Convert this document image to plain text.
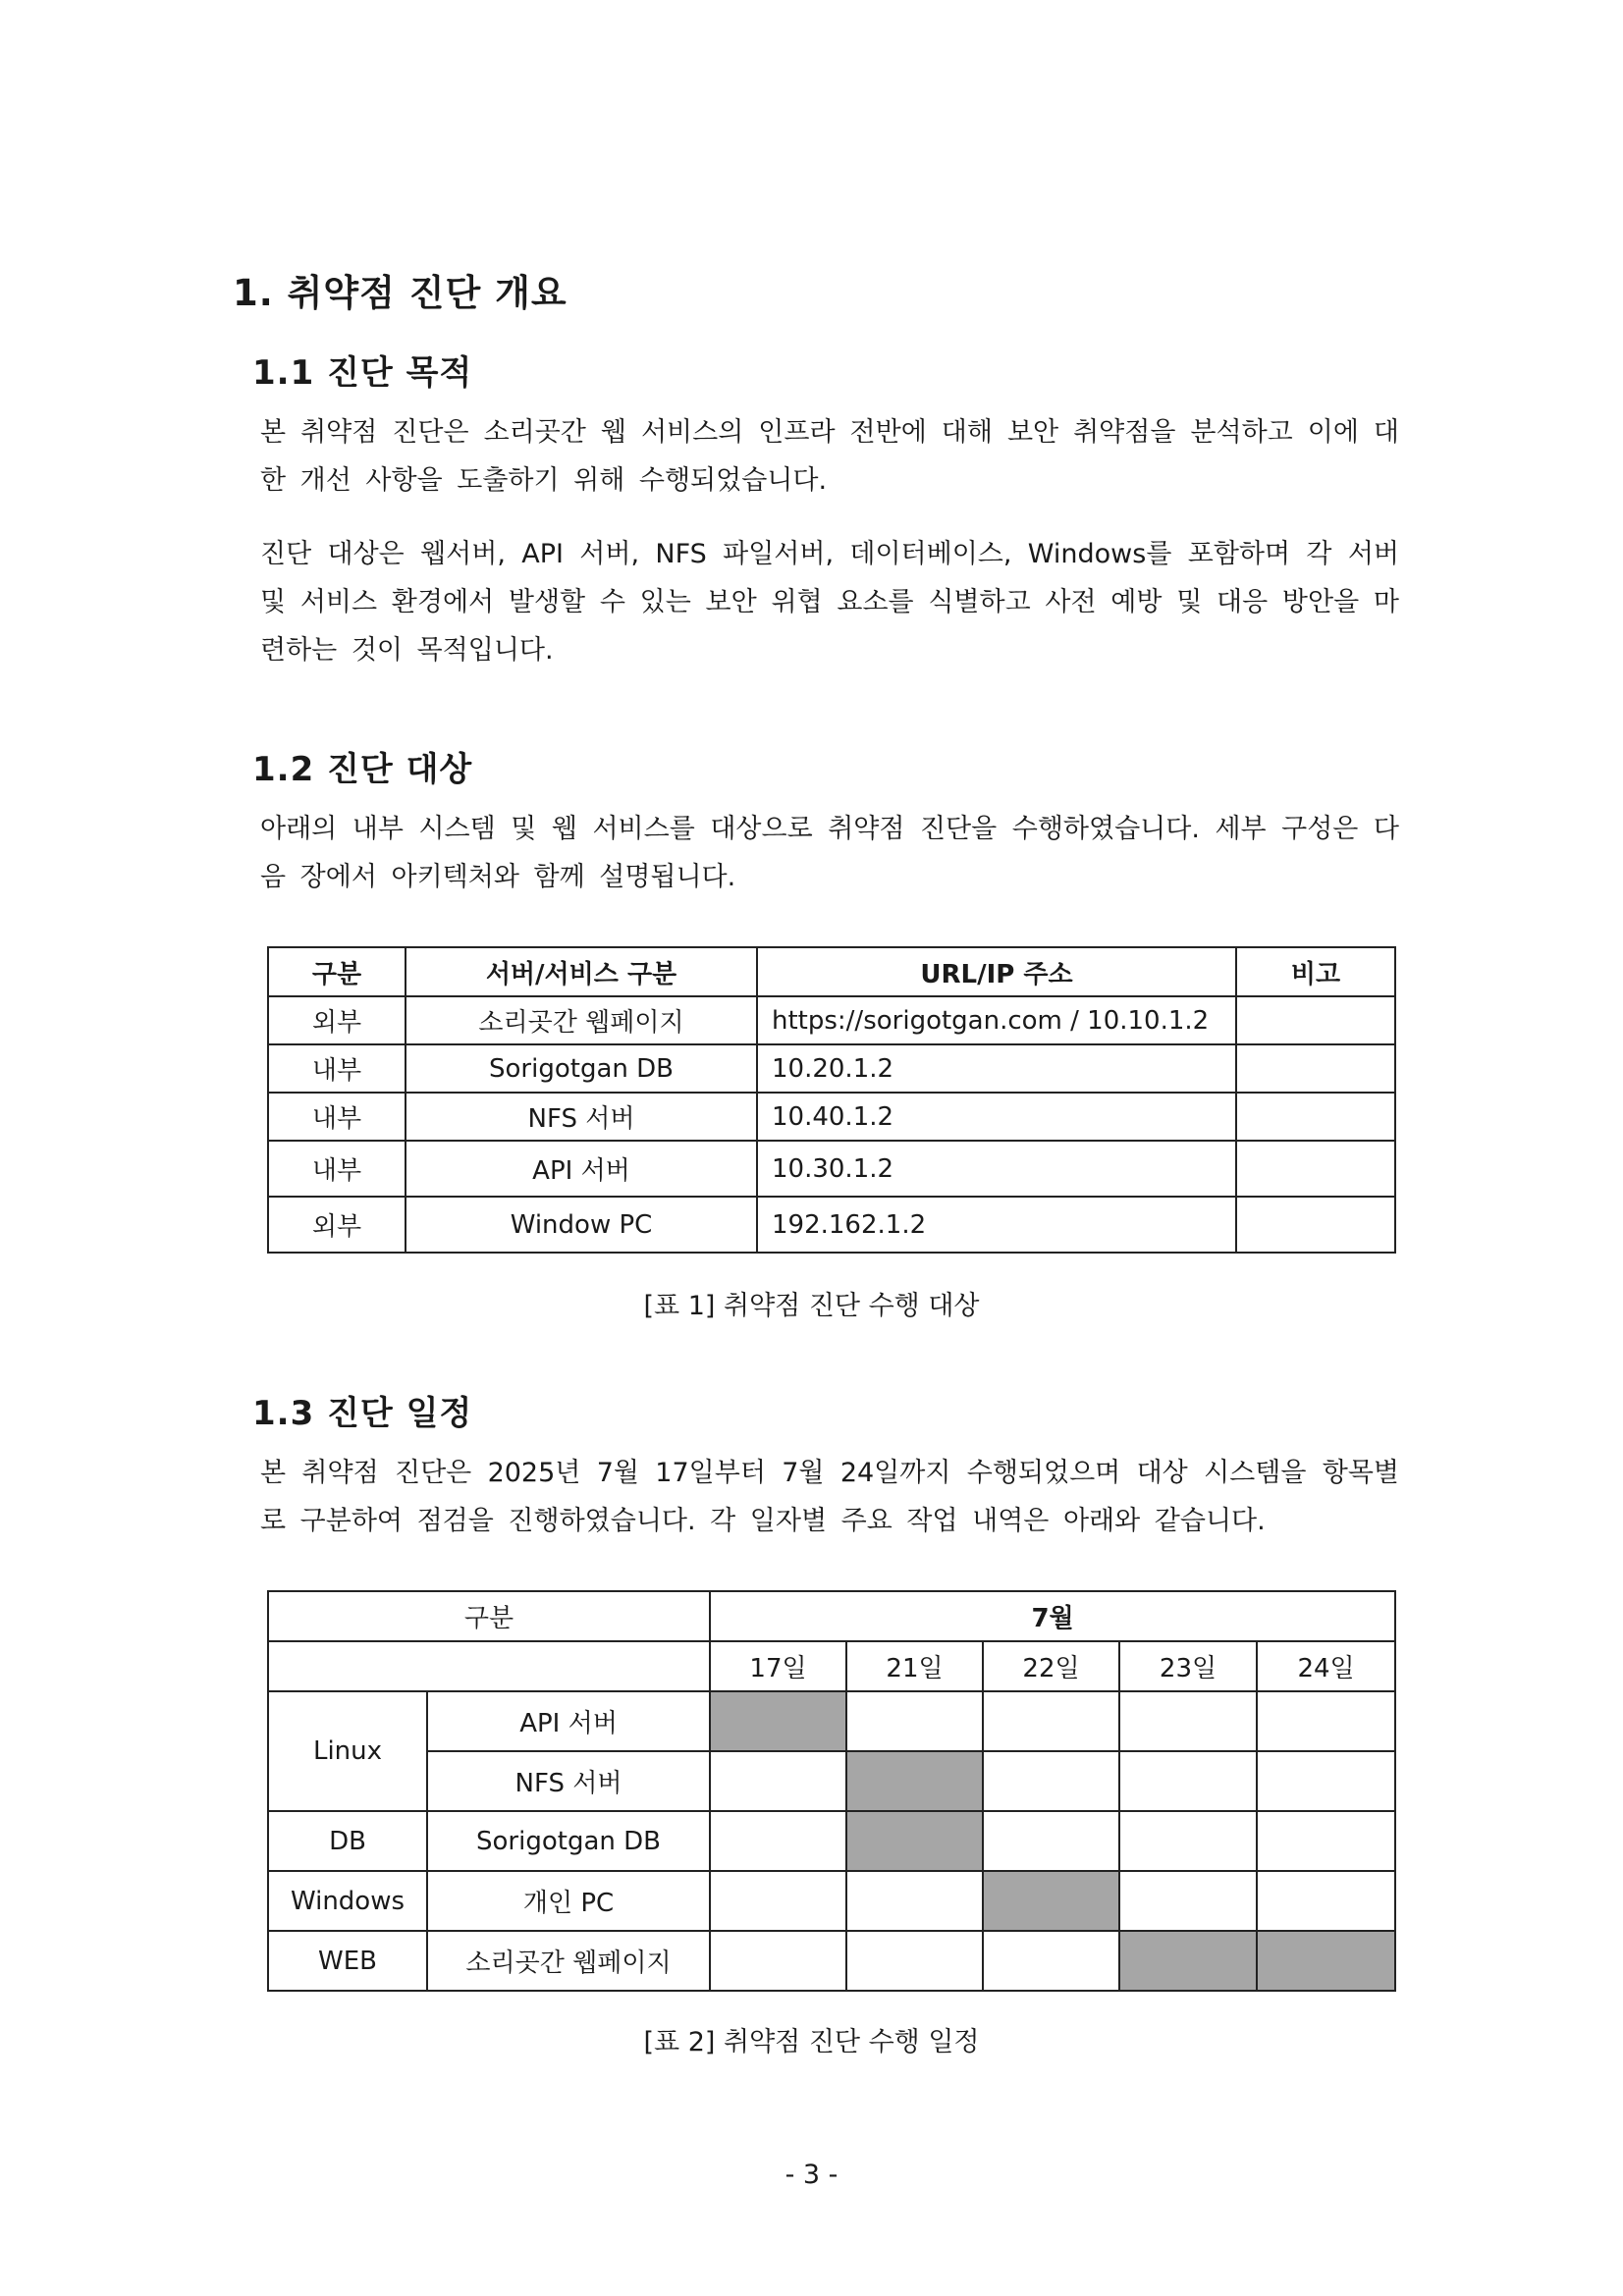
1. 취약점 진단 개요
1.1 진단 목적

본 취약점 진단은 소리곳간 웹 서비스의 인프라 전반에 대해 보안 취약점을 분석하고 이에 대한 개선 사항을 도출하기 위해 수행되었습니다.

진단 대상은 웹서버, API 서버, NFS 파일서버, 데이터베이스, Windows를 포함하며 각 서버 및 서비스 환경에서 발생할 수 있는 보안 위협 요소를 식별하고 사전 예방 및 대응 방안을 마련하는 것이 목적입니다.

1.2 진단 대상

아래의 내부 시스템 및 웹 서비스를 대상으로 취약점 진단을 수행하였습니다. 세부 구성은 다음 장에서 아키텍처와 함께 설명됩니다.

구분	서버/서비스 구분	URL/IP 주소	비고
외부	소리곳간 웹페이지	https://sorigotgan.com / 10.10.1.2	
내부	Sorigotgan DB	10.20.1.2	
내부	NFS 서버	10.40.1.2	
내부	API 서버	10.30.1.2	
외부	Window PC	192.162.1.2	

[표 1] 취약점 진단 수행 대상

1.3 진단 일정

본 취약점 진단은 2025년 7월 17일부터 7월 24일까지 수행되었으며 대상 시스템을 항목별로 구분하여 점검을 진행하였습니다. 각 일자별 주요 작업 내역은 아래와 같습니다.

구분		7월				
		17일	21일	22일	23일	24일
Linux	API 서버					
	NFS 서버					
DB	Sorigotgan DB					
Windows	개인 PC					
WEB	소리곳간 웹페이지					

[표 2] 취약점 진단 수행 일정

- 3 -
